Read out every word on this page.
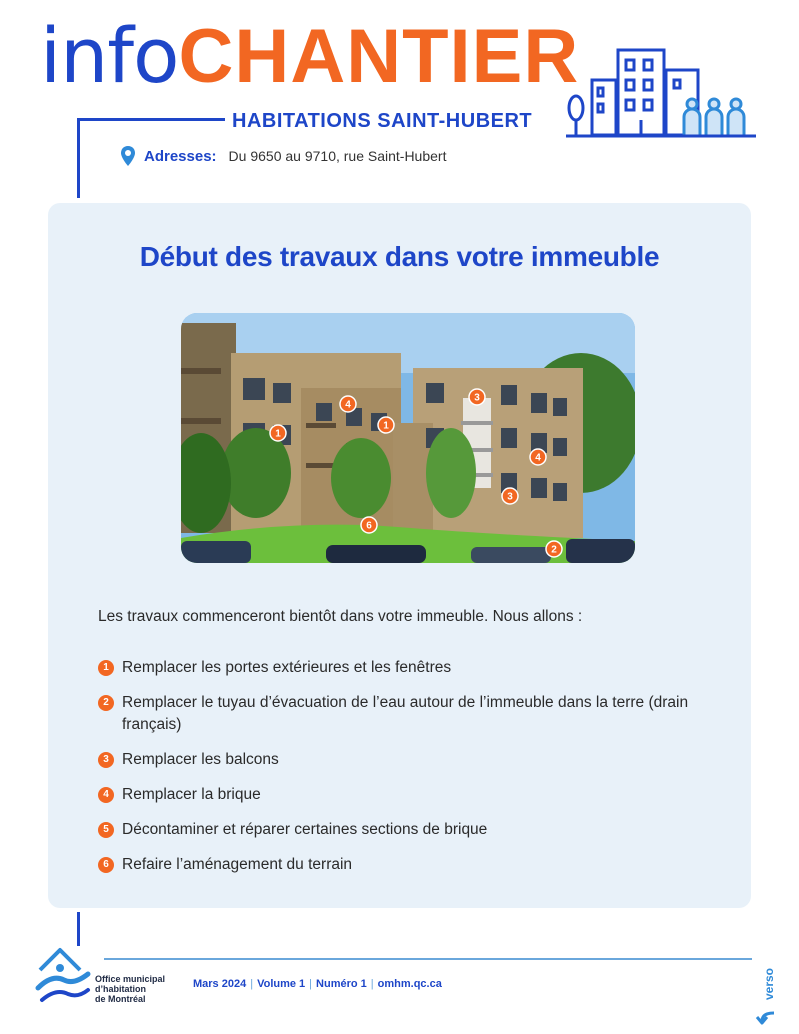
infoCHANTIER
HABITATIONS SAINT-HUBERT
Adresses: Du 9650 au 9710, rue Saint-Hubert
Début des travaux dans votre immeuble
1
4
1
3
4
3
6
2
Les travaux commenceront bientôt dans votre immeuble. Nous allons :
1 Remplacer les portes extérieures et les fenêtres
2 Remplacer le tuyau d’évacuation de l’eau autour de l’immeuble dans la terre (drain français)
3 Remplacer les balcons
4 Remplacer la brique
5 Décontaminer et réparer certaines sections de brique
6 Refaire l’aménagement du terrain
Office municipal
d’habitation
de Montréal
Mars 2024 | Volume 1 | Numéro 1 | omhm.qc.ca	verso
